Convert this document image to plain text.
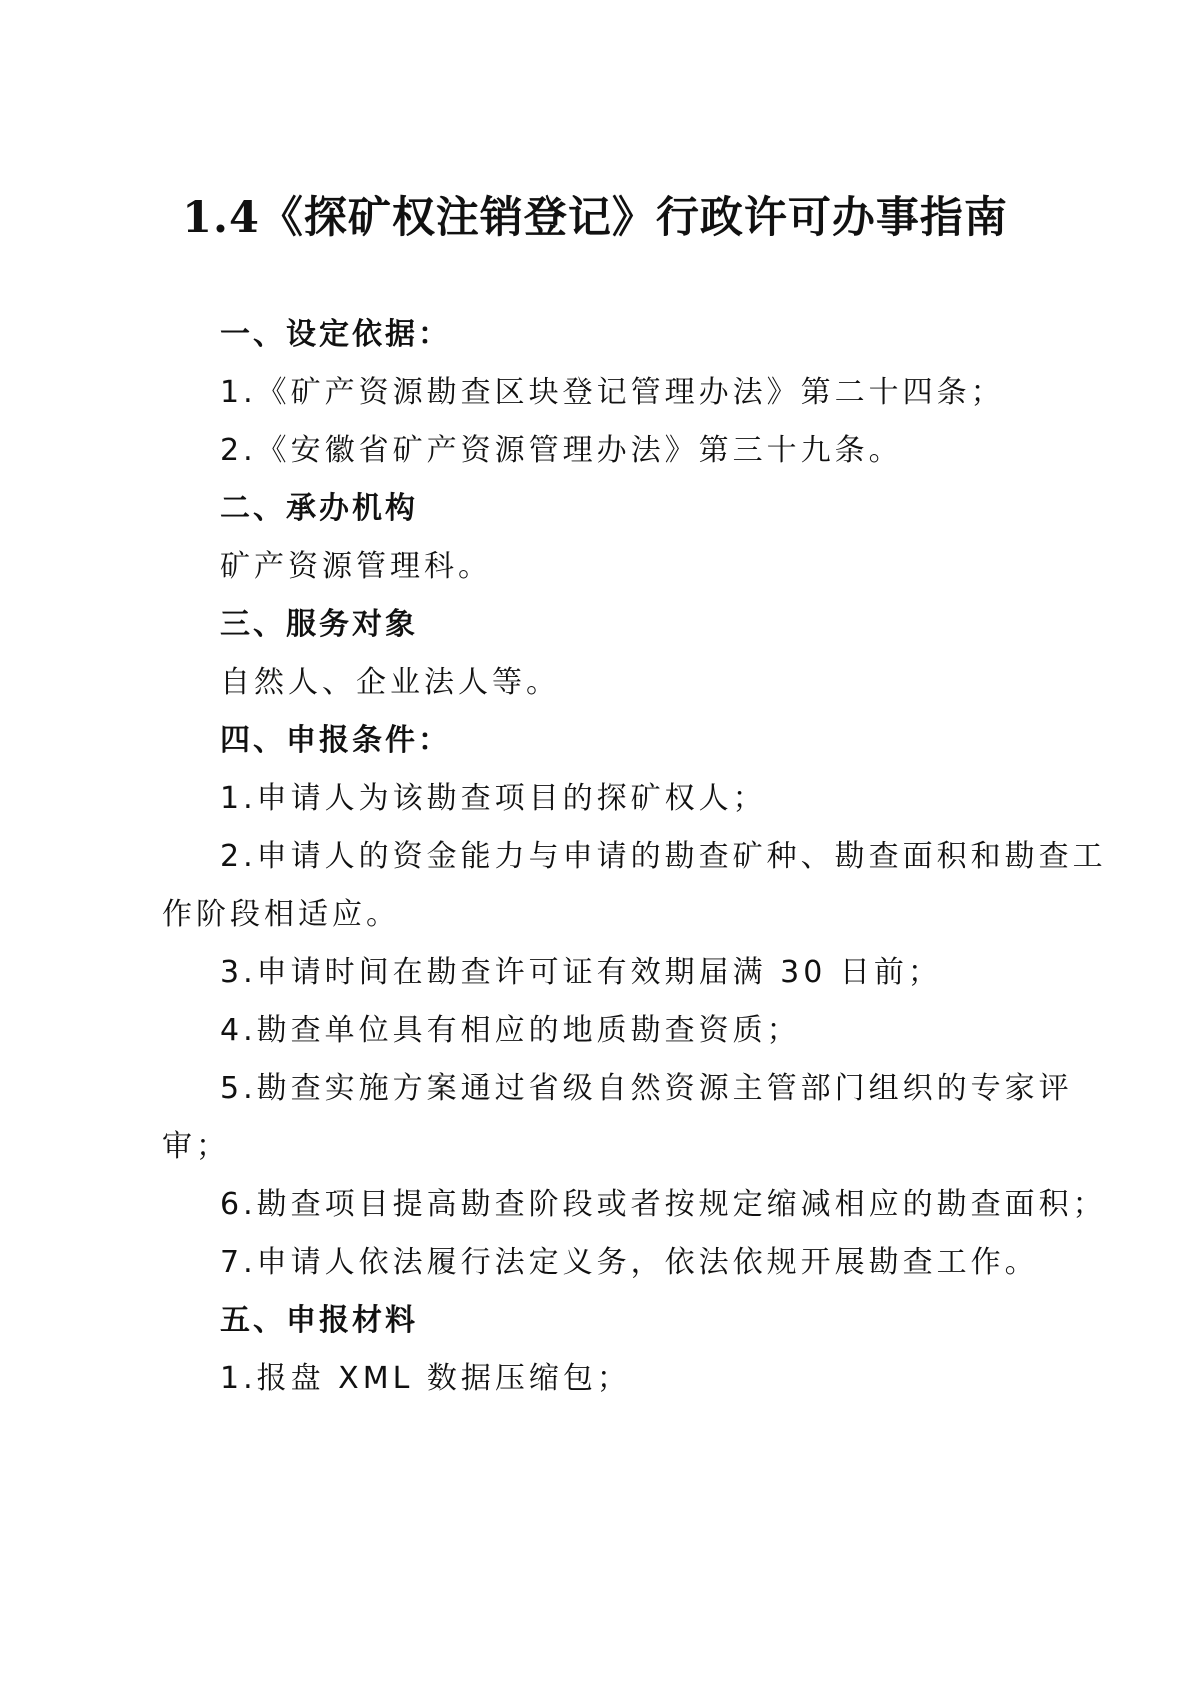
1.4《探矿权注销登记》行政许可办事指南
一、设定依据：
1.《矿产资源勘查区块登记管理办法》第二十四条；
2.《安徽省矿产资源管理办法》第三十九条。
二、承办机构
矿产资源管理科。
三、服务对象
自然人、企业法人等。
四、申报条件：
1.申请人为该勘查项目的探矿权人；
2.申请人的资金能力与申请的勘查矿种、勘查面积和勘查工
作阶段相适应。
3.申请时间在勘查许可证有效期届满 30 日前；
4.勘查单位具有相应的地质勘查资质；
5.勘查实施方案通过省级自然资源主管部门组织的专家评
审；
6.勘查项目提高勘查阶段或者按规定缩减相应的勘查面积；
7.申请人依法履行法定义务，依法依规开展勘查工作。
五、申报材料
1.报盘 XML 数据压缩包；
